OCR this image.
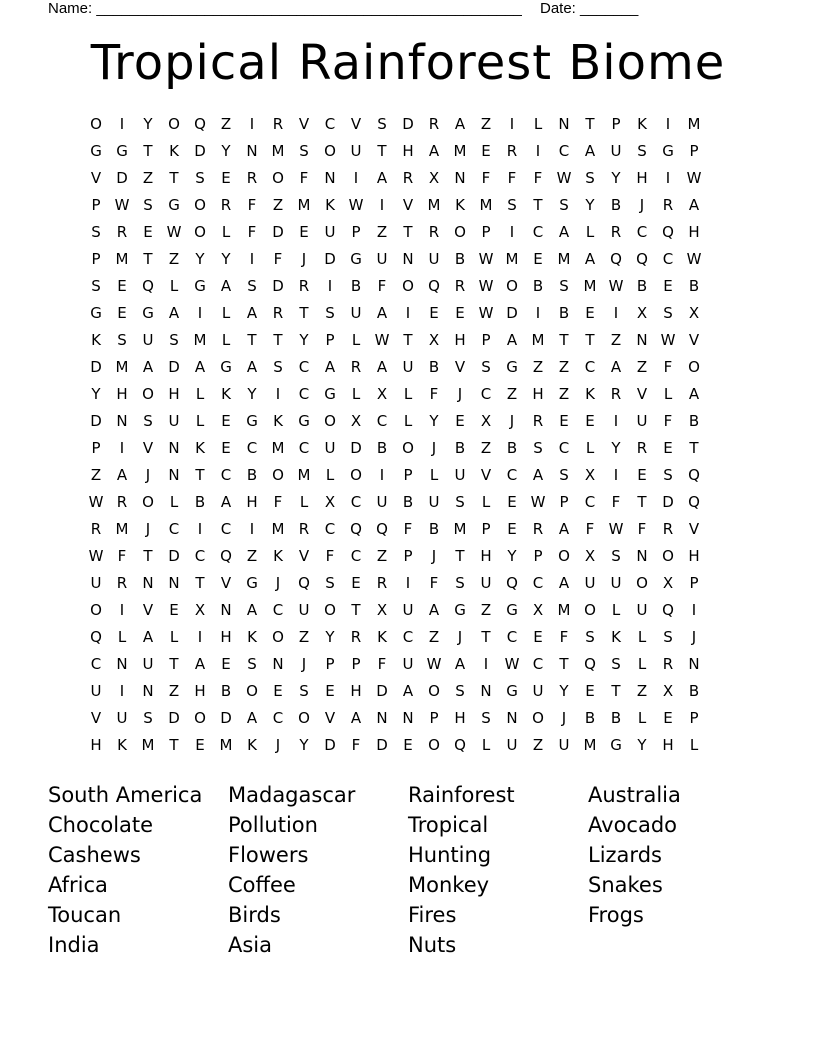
Name: ___________________________________________________ Date: _______
Tropical Rainforest Biome
O	I	Y	O Q Z	I	R	V	C	V	S	D	R	A	Z	I	L	N	T	P	K	I	M
G G	T	K	D	Y	N M S	O U	T	H	A M E	R	I	C	A	U	S	G	P
V	D	Z	T	S	E	R O	F	N	I	A	R	X	N	F	F	F W S	Y	H	I	W
P W S	G O R	F	Z M K W	I	V M K M S	T	S	Y	B	J	R	A
S	R	E W O	L	F	D	E	U	P	Z	T	R O	P	I	C	A	L	R	C Q H
P	M T	Z	Y	Y	I	F	J	D G U N U	B W M E M A Q Q C W
S	E	Q	L	G	A	S	D	R	I	B	F	O Q R W O B	S M W B	E	B
G	E	G	A	I	L	A	R	T	S	U	A	I	E	E W D	I	B	E	I	X	S	X
K	S	U	S M	L	T	T	Y	P	L W T	X	H	P	A M T	T	Z	N W V
D M A	D	A	G	A	S	C	A	R	A	U	B	V	S	G	Z	Z	C	A	Z	F	O
Y	H O H	L	K	Y	I	C G	L	X	L	F	J	C	Z	H	Z	K	R	V	L	A
D N	S	U	L	E	G	K	G O X	C	L	Y	E	X	J	R	E	E	I	U	F	B
P	I	V	N	K	E	C M C	U D	B O	J	B	Z	B	S	C	L	Y	R	E	T
Z	A	J	N	T	C	B O M	L	O	I	P	L	U	V	C	A	S	X	I	E	S	Q
W R O	L	B	A	H	F	L	X	C	U	B	U	S	L	E W P	C	F	T	D Q
R M	J	C	I	C	I	M R	C Q Q	F	B M	P	E	R	A	F W F	R	V
W F	T	D C Q Z	K	V	F	C	Z	P	J	T	H	Y	P	O X	S	N O H
U	R	N N	T	V	G	J	Q	S	E	R	I	F	S	U Q C	A	U	U O X	P
O	I	V	E	X	N	A	C	U O	T	X	U	A	G	Z	G	X M O	L	U Q	I
Q	L	A	L	I	H	K	O Z	Y	R	K	C	Z	J	T	C	E	F	S	K	L	S	J
C	N U	T	A	E	S	N	J	P	P	F	U W A	I	W C	T	Q	S	L	R	N
U	I	N	Z	H	B O	E	S	E	H D	A O	S	N G U	Y	E	T	Z	X	B
V	U	S	D O D	A	C O V	A	N N	P	H	S	N O	J	B	B	L	E	P
H	K M T	E M K	J	Y	D	F	D	E	O Q	L	U	Z	U M G	Y	H	L
South America	Madagascar	Rainforest	Australia
Chocolate	Pollution	Tropical	Avocado
Cashews	Flowers	Hunting	Lizards
Africa	Coffee	Monkey	Snakes
Toucan	Birds	Fires	Frogs
India	Asia	Nuts
